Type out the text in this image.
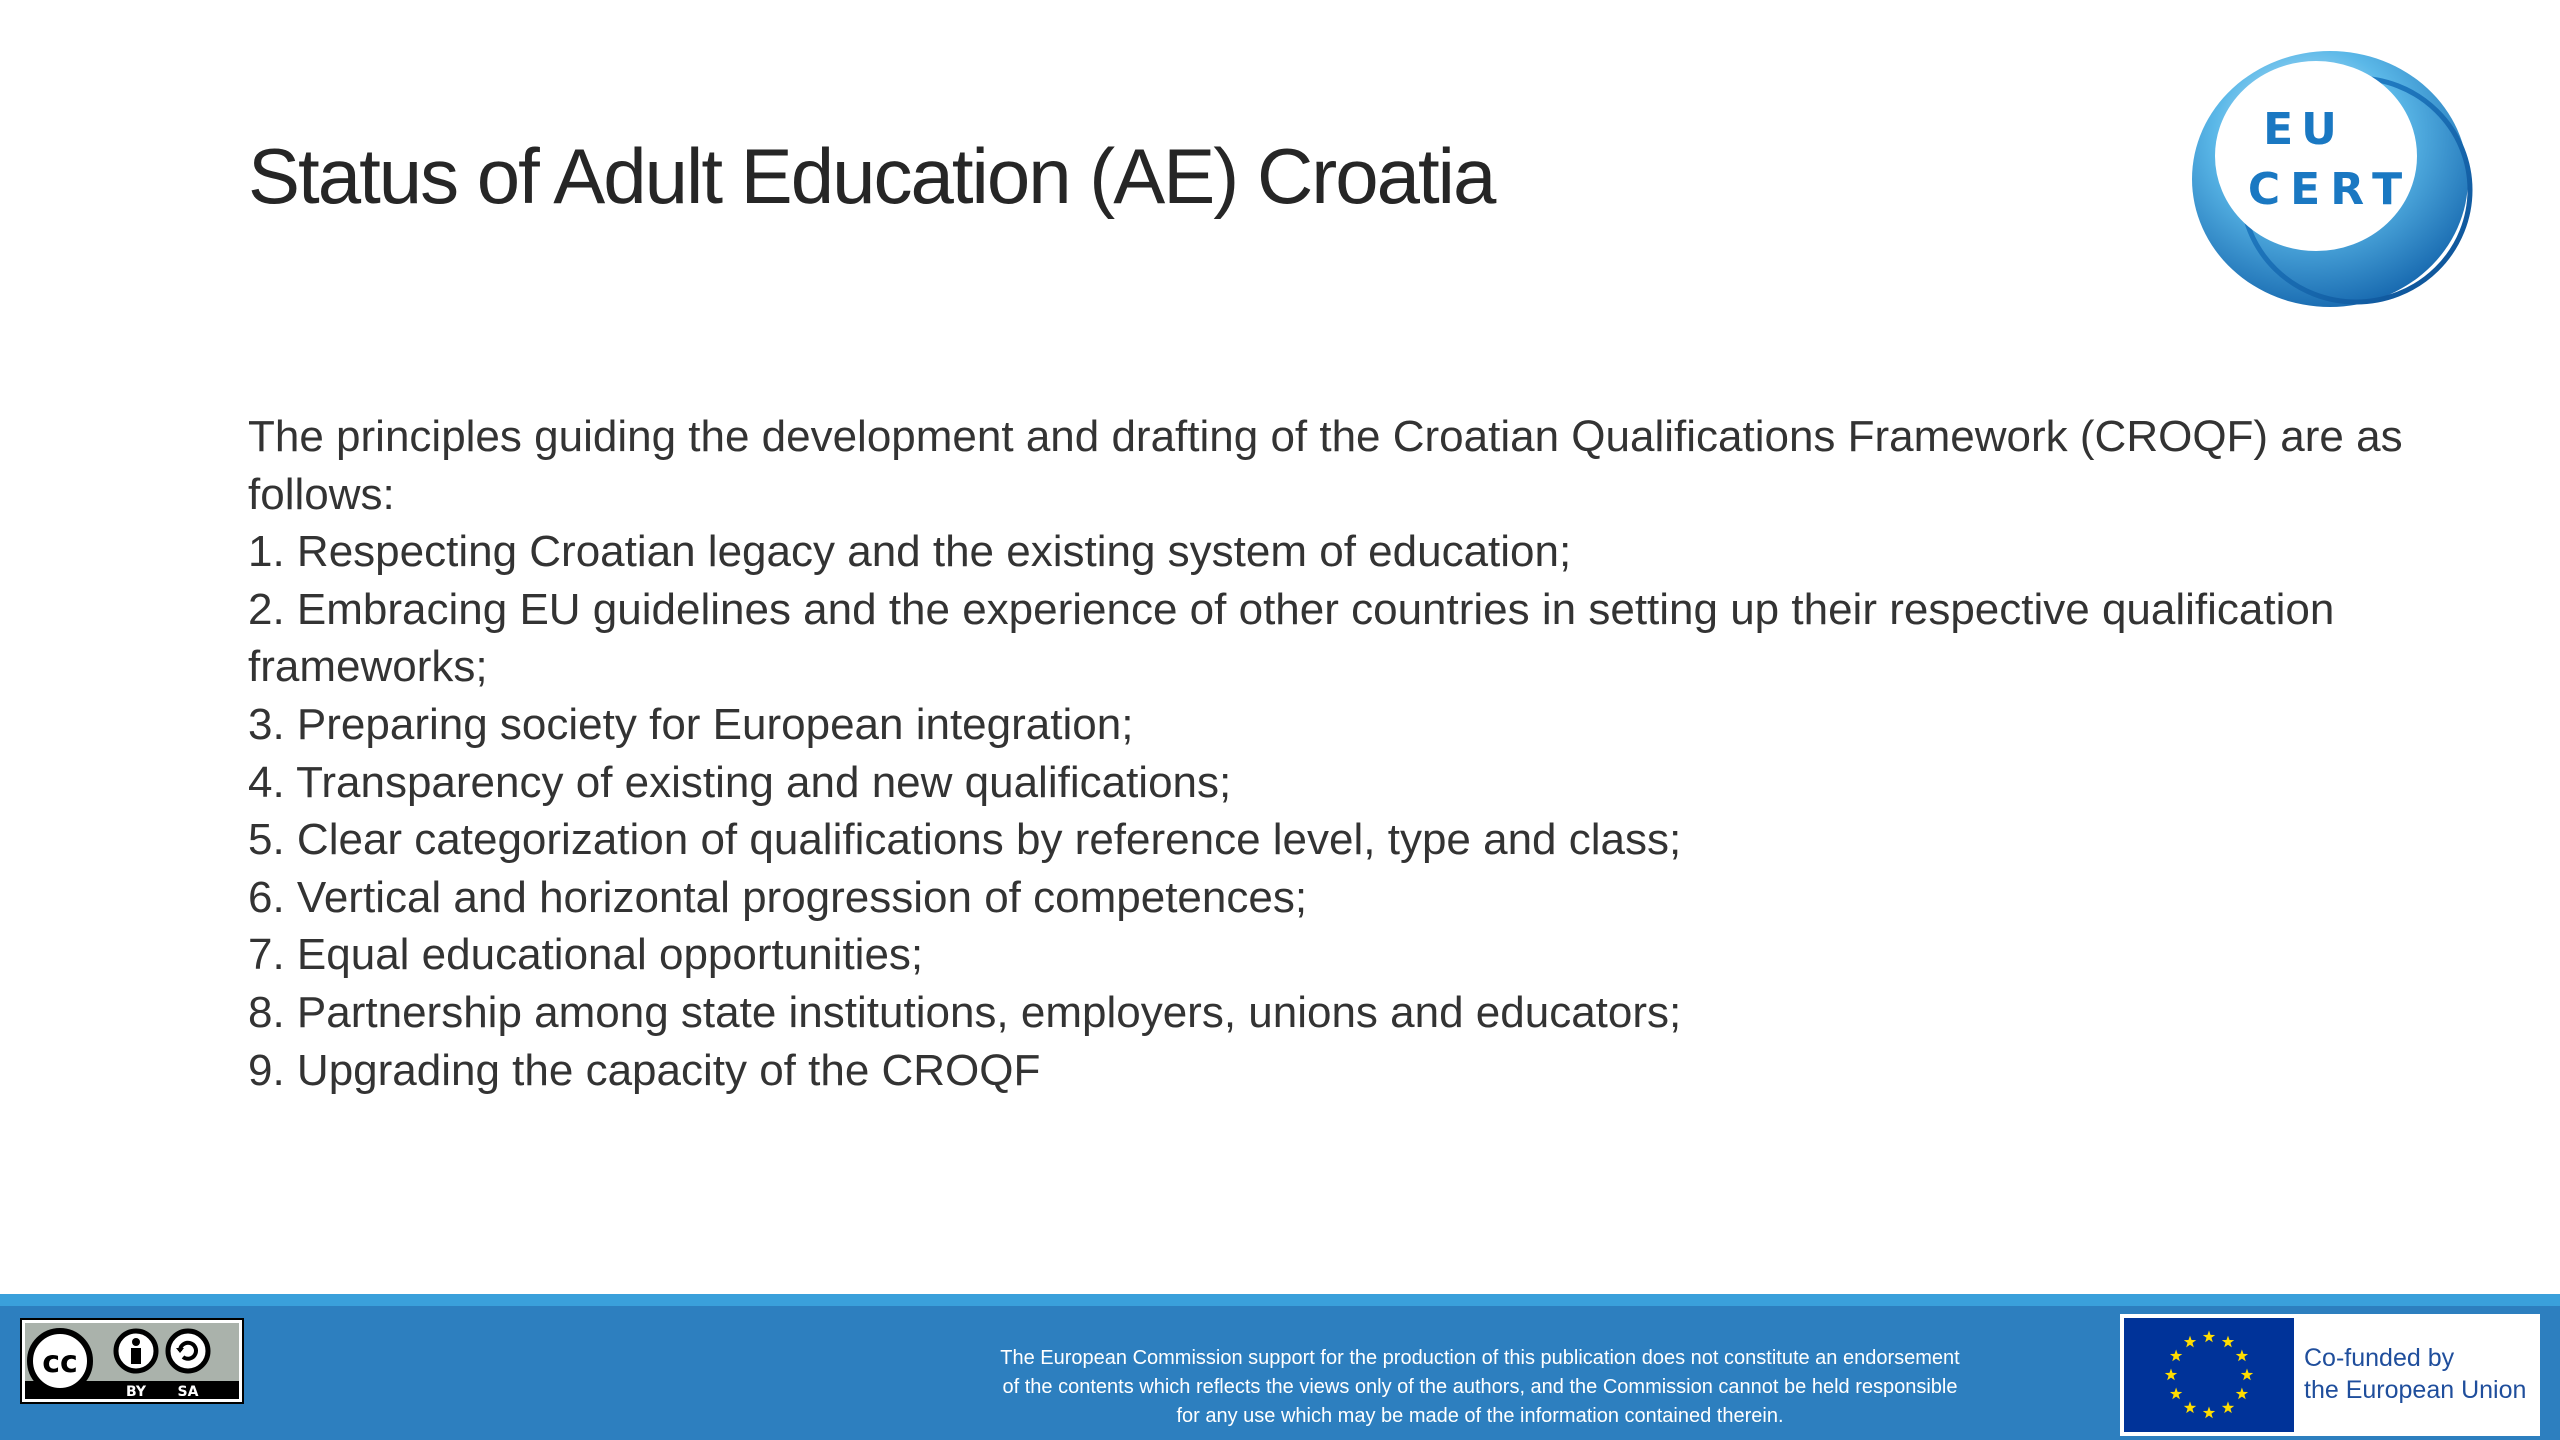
Status of Adult Education (AE) Croatia
EU
CERT

The principles guiding the development and drafting of the Croatian Qualifications Framework (CROQF) are as follows:

1. Respecting Croatian legacy and the existing system of education;

2. Embracing EU guidelines and the experience of other countries in setting up their respective qualification frameworks;

3. Preparing society for European integration;

4. Transparency of existing and new qualifications;

5. Clear categorization of qualifications by reference level, type and class;

6. Vertical and horizontal progression of competences;

7. Equal educational opportunities;

8. Partnership among state institutions, employers, unions and educators;

9. Upgrading the capacity of the CROQF

cc
BY SA

The European Commission support for the production of this publication does not constitute an endorsement
of the contents which reflects the views only of the authors, and the Commission cannot be held responsible
for any use which may be made of the information contained therein.

Co-funded by
the European Union
